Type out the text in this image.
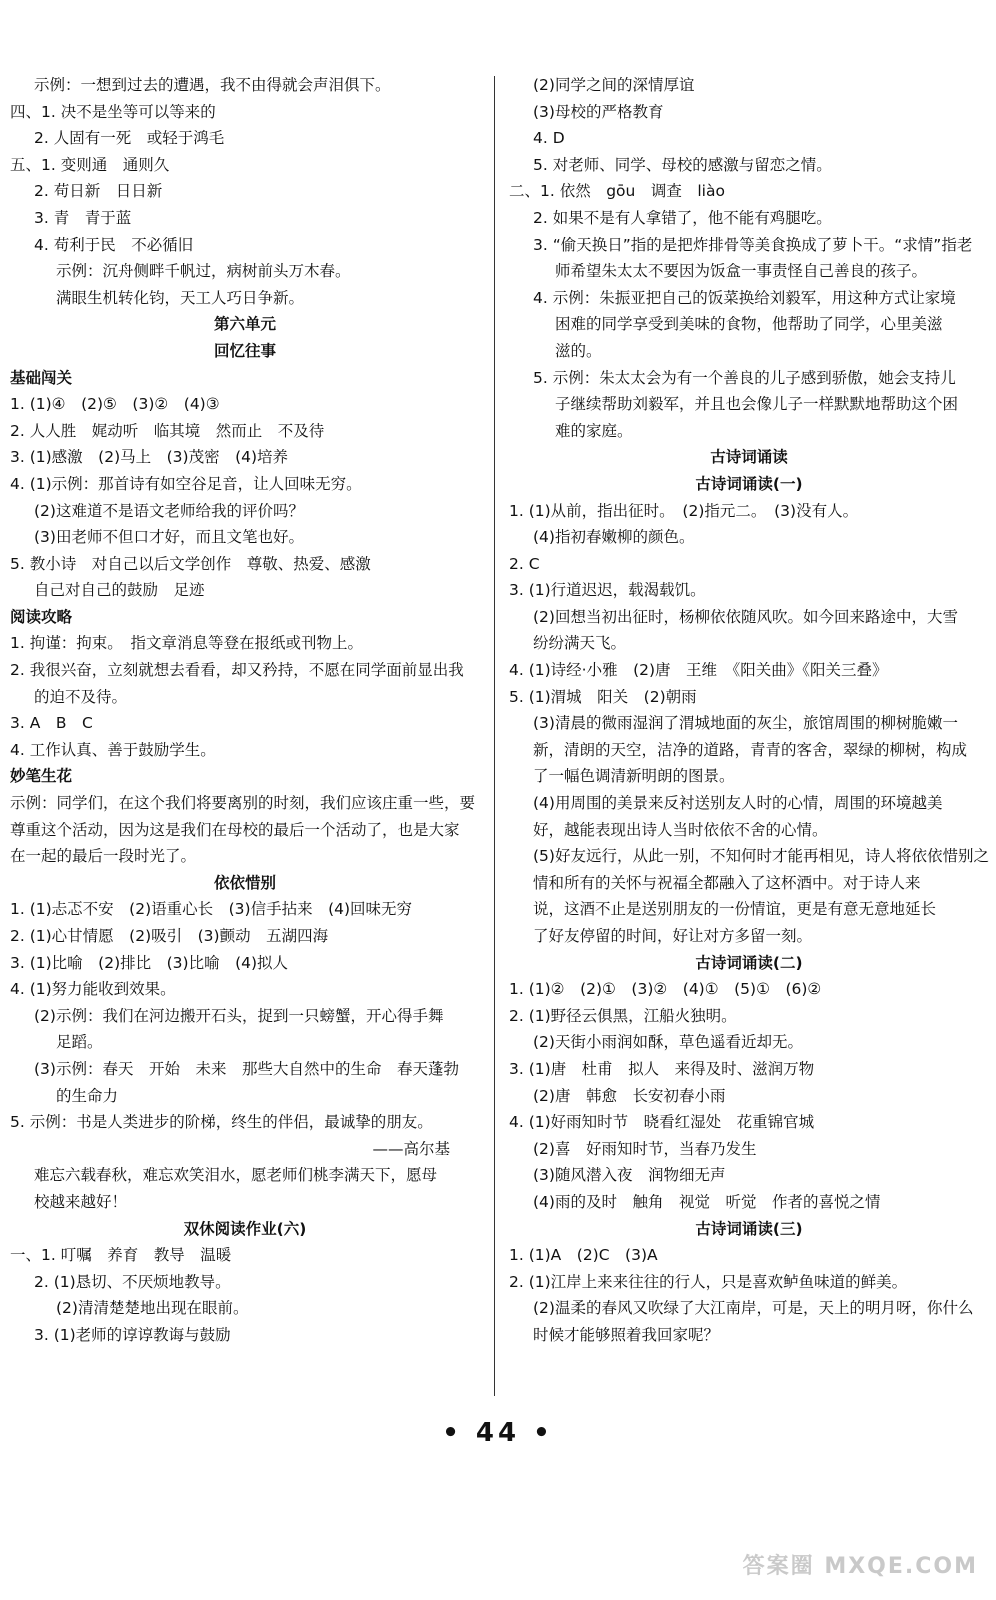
示例：一想到过去的遭遇，我不由得就会声泪俱下。

四、1. 决不是坐等可以等来的

2. 人固有一死　或轻于鸿毛

五、1. 变则通　通则久

2. 苟日新　日日新

3. 青　青于蓝

4. 苟利于民　不必循旧

示例：沉舟侧畔千帆过，病树前头万木春。

满眼生机转化钧，天工人巧日争新。

第六单元

回忆往事

基础闯关

1. (1)④　(2)⑤　(3)②　(4)③

2. 人人胜　娓动听　临其境　然而止　不及待

3. (1)感激　(2)马上　(3)茂密　(4)培养

4. (1)示例：那首诗有如空谷足音，让人回味无穷。

(2)这难道不是语文老师给我的评价吗？

(3)田老师不但口才好，而且文笔也好。

5. 教小诗　对自己以后文学创作　尊敬、热爱、感激

自己对自己的鼓励　足迹

阅读攻略

1. 拘谨：拘束。　指文章消息等登在报纸或刊物上。

2. 我很兴奋，立刻就想去看看，却又矜持，不愿在同学面前显出我

的迫不及待。

3. A　B　C

4. 工作认真、善于鼓励学生。

妙笔生花

示例：同学们，在这个我们将要离别的时刻，我们应该庄重一些，要

尊重这个活动，因为这是我们在母校的最后一个活动了，也是大家

在一起的最后一段时光了。

依依惜别

1. (1)忐忑不安　(2)语重心长　(3)信手拈来　(4)回味无穷

2. (1)心甘情愿　(2)吸引　(3)颤动　五湖四海

3. (1)比喻　(2)排比　(3)比喻　(4)拟人

4. (1)努力能收到效果。

(2)示例：我们在河边搬开石头，捉到一只螃蟹，开心得手舞

足蹈。

(3)示例：春天　开始　未来　那些大自然中的生命　春天蓬勃

的生命力

5. 示例：书是人类进步的阶梯，终生的伴侣，最诚挚的朋友。

——高尔基

难忘六载春秋，难忘欢笑泪水，愿老师们桃李满天下，愿母

校越来越好！

双休阅读作业(六)

一、1. 叮嘱　养育　教导　温暖

2. (1)恳切、不厌烦地教导。

(2)清清楚楚地出现在眼前。

3. (1)老师的谆谆教诲与鼓励

(2)同学之间的深情厚谊

(3)母校的严格教育

4. D

5. 对老师、同学、母校的感激与留恋之情。

二、1. 依然　gōu　调查　liào

2. 如果不是有人拿错了，他不能有鸡腿吃。

3. “偷天换日”指的是把炸排骨等美食换成了萝卜干。“求情”指老

师希望朱太太不要因为饭盒一事责怪自己善良的孩子。

4. 示例：朱振亚把自己的饭菜换给刘毅军，用这种方式让家境

困难的同学享受到美味的食物，他帮助了同学，心里美滋

滋的。

5. 示例：朱太太会为有一个善良的儿子感到骄傲，她会支持儿

子继续帮助刘毅军，并且也会像儿子一样默默地帮助这个困

难的家庭。

古诗词诵读

古诗词诵读(一)

1. (1)从前，指出征时。　(2)指元二。　(3)没有人。

(4)指初春嫩柳的颜色。

2. C

3. (1)行道迟迟，载渴载饥。

(2)回想当初出征时，杨柳依依随风吹。如今回来路途中，大雪

纷纷满天飞。

4. (1)诗经·小雅　(2)唐　王维　《阳关曲》《阳关三叠》

5. (1)渭城　阳关　(2)朝雨

(3)清晨的微雨湿润了渭城地面的灰尘，旅馆周围的柳树脆嫩一

新，清朗的天空，洁净的道路，青青的客舍，翠绿的柳树，构成

了一幅色调清新明朗的图景。

(4)用周围的美景来反衬送别友人时的心情，周围的环境越美

好，越能表现出诗人当时依依不舍的心情。

(5)好友远行，从此一别，不知何时才能再相见，诗人将依依惜别之

情和所有的关怀与祝福全都融入了这杯酒中。对于诗人来

说，这酒不止是送别朋友的一份情谊，更是有意无意地延长

了好友停留的时间，好让对方多留一刻。

古诗词诵读(二)

1. (1)②　(2)①　(3)②　(4)①　(5)①　(6)②

2. (1)野径云俱黑，江船火独明。

(2)天街小雨润如酥，草色遥看近却无。

3. (1)唐　杜甫　拟人　来得及时、滋润万物

(2)唐　韩愈　长安初春小雨

4. (1)好雨知时节　晓看红湿处　花重锦官城

(2)喜　好雨知时节，当春乃发生

(3)随风潜入夜　润物细无声

(4)雨的及时　触角　视觉　听觉　作者的喜悦之情

古诗词诵读(三)

1. (1)A　(2)C　(3)A

2. (1)江岸上来来往往的行人，只是喜欢鲈鱼味道的鲜美。

(2)温柔的春风又吹绿了大江南岸，可是，天上的明月呀，你什么

时候才能够照着我回家呢？

• 44 •
答案圈 MXQE.COM
